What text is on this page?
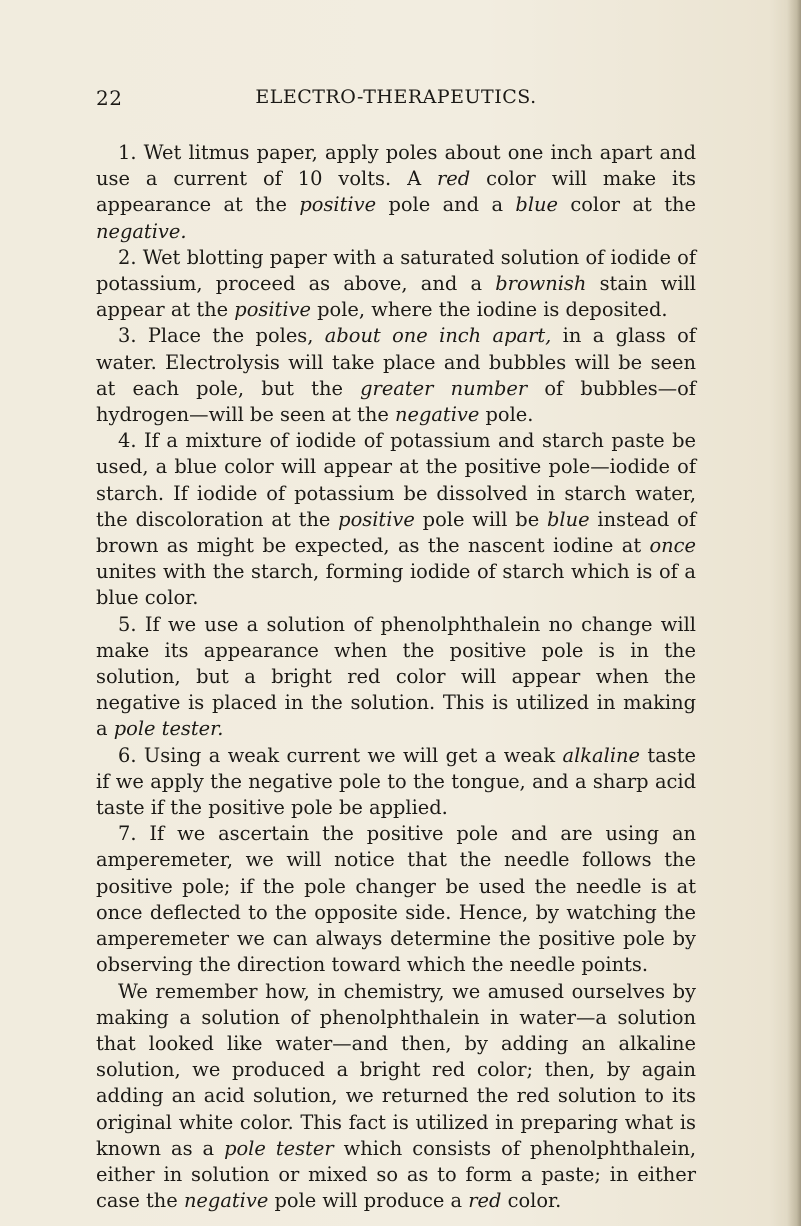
22	ELECTRO-THERAPEUTICS.

1. Wet litmus paper, apply poles about one inch apart and use a current of 10 volts. A red color will make its appearance at the positive pole and a blue color at the negative.

2. Wet blotting paper with a saturated solution of iodide of potassium, proceed as above, and a brownish stain will appear at the positive pole, where the iodine is deposited.

3. Place the poles, about one inch apart, in a glass of water. Electrolysis will take place and bubbles will be seen at each pole, but the greater number of bubbles—of hydrogen—will be seen at the negative pole.

4. If a mixture of iodide of potassium and starch paste be used, a blue color will appear at the positive pole—iodide of starch. If iodide of potassium be dissolved in starch water, the discoloration at the positive pole will be blue instead of brown as might be expected, as the nascent iodine at once unites with the starch, forming iodide of starch which is of a blue color.

5. If we use a solution of phenolphthalein no change will make its appearance when the positive pole is in the solution, but a bright red color will appear when the negative is placed in the solution. This is utilized in making a pole tester.

6. Using a weak current we will get a weak alkaline taste if we apply the negative pole to the tongue, and a sharp acid taste if the positive pole be applied.

7. If we ascertain the positive pole and are using an amperemeter, we will notice that the needle follows the positive pole; if the pole changer be used the needle is at once deflected to the opposite side. Hence, by watching the amperemeter we can always determine the positive pole by observing the direction toward which the needle points.

We remember how, in chemistry, we amused ourselves by making a solution of phenolphthalein in water—a solution that looked like water—and then, by adding an alkaline solution, we produced a bright red color; then, by again adding an acid solution, we returned the red solution to its original white color. This fact is utilized in preparing what is known as a pole tester which consists of phenolphthalein, either in solution or mixed so as to form a paste; in either case the negative pole will produce a red color.
